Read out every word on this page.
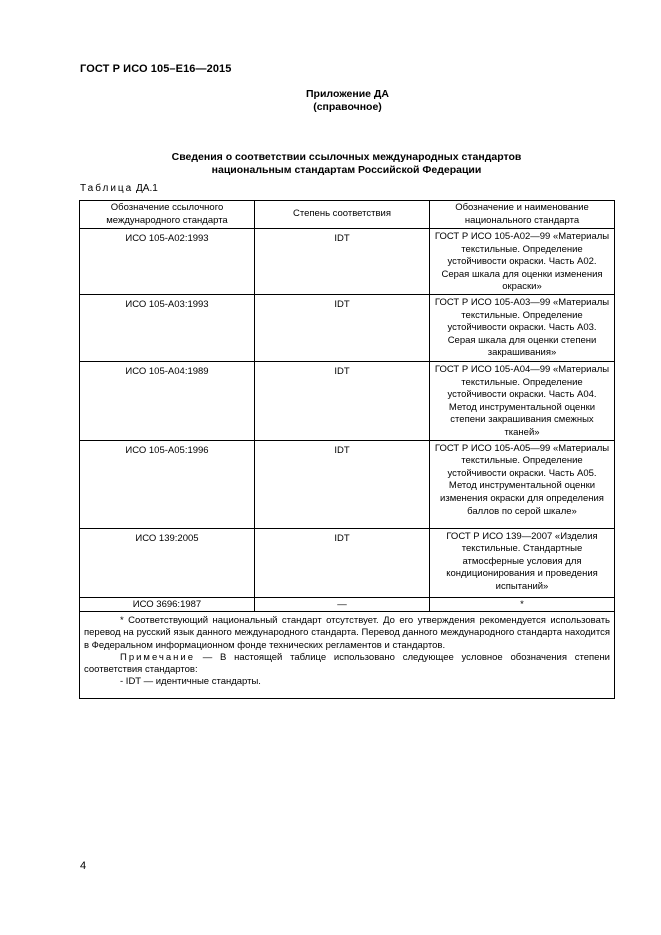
ГОСТ Р ИСО 105–Е16—2015
Приложение ДА
(справочное)
Сведения о соответствии ссылочных международных стандартов
национальным стандартам Российской Федерации
Таблица ДА.1
Обозначение ссылочного международного стандарта	Степень соответствия	Обозначение и наименование национального стандарта
ИСО 105-А02:1993	IDT	ГОСТ Р ИСО 105-А02—99 «Материалы текстильные. Определение устойчивости окраски. Часть А02. Серая шкала для оценки изменения окраски»
ИСО 105-А03:1993	IDT	ГОСТ Р ИСО 105-А03—99 «Материалы текстильные. Определение устойчивости окраски. Часть А03. Серая шкала для оценки степени закрашивания»
ИСО 105-А04:1989	IDT	ГОСТ Р ИСО 105-А04—99 «Материалы текстильные. Определение устойчивости окраски. Часть А04. Метод инструментальной оценки степени закрашивания смежных тканей»
ИСО 105-А05:1996	IDT	ГОСТ Р ИСО 105-А05—99 «Материалы текстильные. Определение устойчивости окраски. Часть А05. Метод инструментальной оценки изменения окраски для определения баллов по серой шкале»
ИСО 139:2005	IDT	ГОСТ Р ИСО 139—2007 «Изделия текстильные. Стандартные атмосферные условия для кондиционирования и проведения испытаний»
ИСО 3696:1987	—	*

* Соответствующий национальный стандарт отсутствует. До его утверждения рекомендуется использовать перевод на русский язык данного международного стандарта. Перевод данного международного стандарта находится в Федеральном информационном фонде технических регламентов и стандартов.
Примечание — В настоящей таблице использовано следующее условное обозначения степени соответствия стандартов:
- IDT — идентичные стандарты.		
4
